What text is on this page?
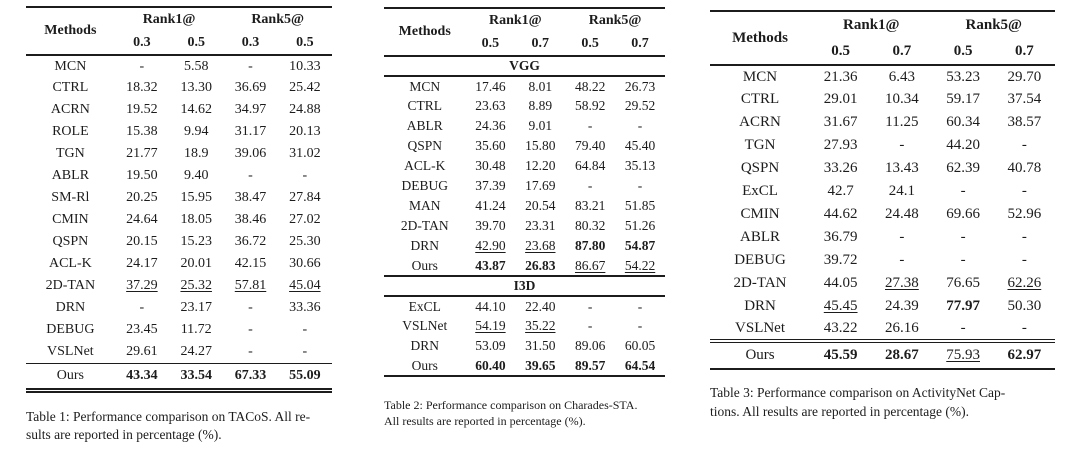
Methods	Rank1@		Rank5@	
	0.3	0.5	0.3	0.5
MCN	-	5.58	-	10.33
CTRL	18.32	13.30	36.69	25.42
ACRN	19.52	14.62	34.97	24.88
ROLE	15.38	9.94	31.17	20.13
TGN	21.77	18.9	39.06	31.02
ABLR	19.50	9.40	-	-
SM-Rl	20.25	15.95	38.47	27.84
CMIN	24.64	18.05	38.46	27.02
QSPN	20.15	15.23	36.72	25.30
ACL-K	24.17	20.01	42.15	30.66
2D-TAN	37.29	25.32	57.81	45.04
DRN	-	23.17	-	33.36
DEBUG	23.45	11.72	-	-
VSLNet	29.61	24.27	-	-
Ours	43.34	33.54	67.33	55.09
Table 1: Performance comparison on TACoS. All re-
sults are reported in percentage (%).
Methods	Rank1@		Rank5@	
	0.5	0.7	0.5	0.7
VGG				
MCN	17.46	8.01	48.22	26.73
CTRL	23.63	8.89	58.92	29.52
ABLR	24.36	9.01	-	-
QSPN	35.60	15.80	79.40	45.40
ACL-K	30.48	12.20	64.84	35.13
DEBUG	37.39	17.69	-	-
MAN	41.24	20.54	83.21	51.85
2D-TAN	39.70	23.31	80.32	51.26
DRN	42.90	23.68	87.80	54.87
Ours	43.87	26.83	86.67	54.22
I3D				
ExCL	44.10	22.40	-	-
VSLNet	54.19	35.22	-	-
DRN	53.09	31.50	89.06	60.05
Ours	60.40	39.65	89.57	64.54
Table 2: Performance comparison on Charades-STA.
All results are reported in percentage (%).
Methods	Rank1@		Rank5@	
	0.5	0.7	0.5	0.7
MCN	21.36	6.43	53.23	29.70
CTRL	29.01	10.34	59.17	37.54
ACRN	31.67	11.25	60.34	38.57
TGN	27.93	-	44.20	-
QSPN	33.26	13.43	62.39	40.78
ExCL	42.7	24.1	-	-
CMIN	44.62	24.48	69.66	52.96
ABLR	36.79	-	-	-
DEBUG	39.72	-	-	-
2D-TAN	44.05	27.38	76.65	62.26
DRN	45.45	24.39	77.97	50.30
VSLNet	43.22	26.16	-	-
Ours	45.59	28.67	75.93	62.97
Table 3: Performance comparison on ActivityNet Cap-
tions. All results are reported in percentage (%).
